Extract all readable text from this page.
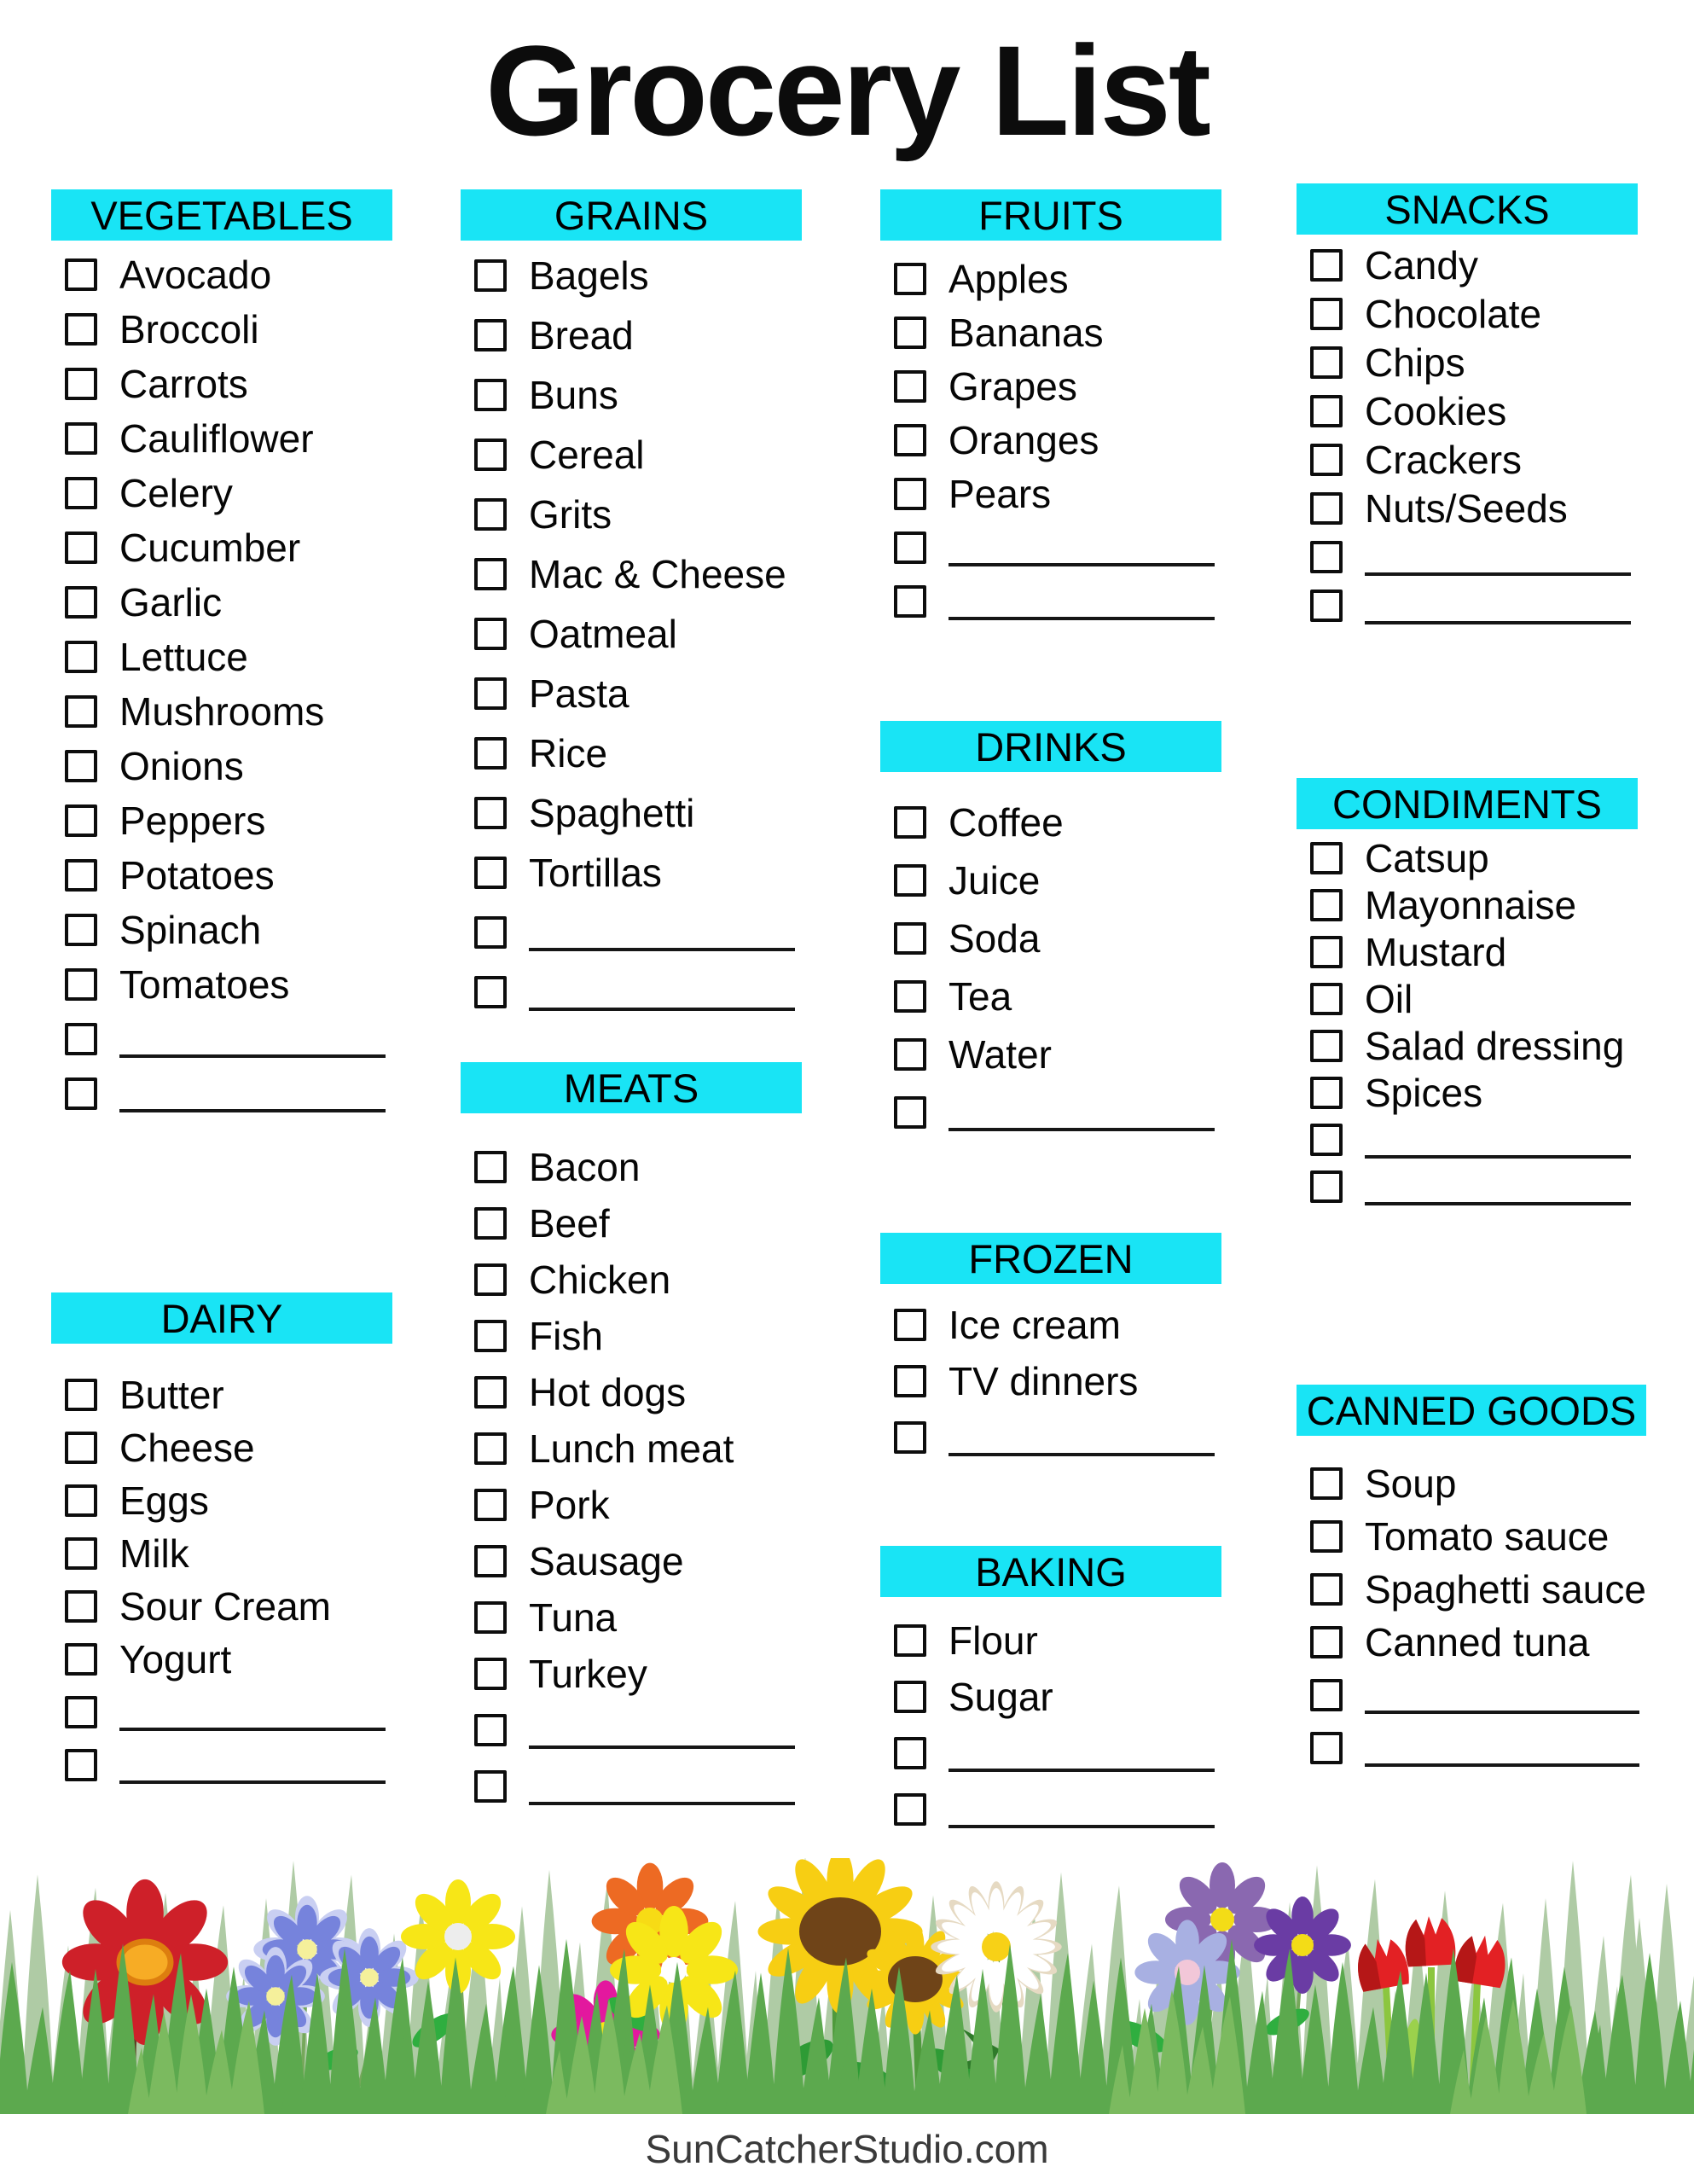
Grocery List
VEGETABLES
Avocado
Broccoli
Carrots
Cauliflower
Celery
Cucumber
Garlic
Lettuce
Mushrooms
Onions
Peppers
Potatoes
Spinach
Tomatoes
DAIRY
Butter
Cheese
Eggs
Milk
Sour Cream
Yogurt
GRAINS
Bagels
Bread
Buns
Cereal
Grits
Mac & Cheese
Oatmeal
Pasta
Rice
Spaghetti
Tortillas
MEATS
Bacon
Beef
Chicken
Fish
Hot dogs
Lunch meat
Pork
Sausage
Tuna
Turkey
FRUITS
Apples
Bananas
Grapes
Oranges
Pears
DRINKS
Coffee
Juice
Soda
Tea
Water
FROZEN
Ice cream
TV dinners
BAKING
Flour
Sugar
SNACKS
Candy
Chocolate
Chips
Cookies
Crackers
Nuts/Seeds
CONDIMENTS
Catsup
Mayonnaise
Mustard
Oil
Salad dressing
Spices
CANNED GOODS
Soup
Tomato sauce
Spaghetti sauce
Canned tuna
SunCatcherStudio.com
